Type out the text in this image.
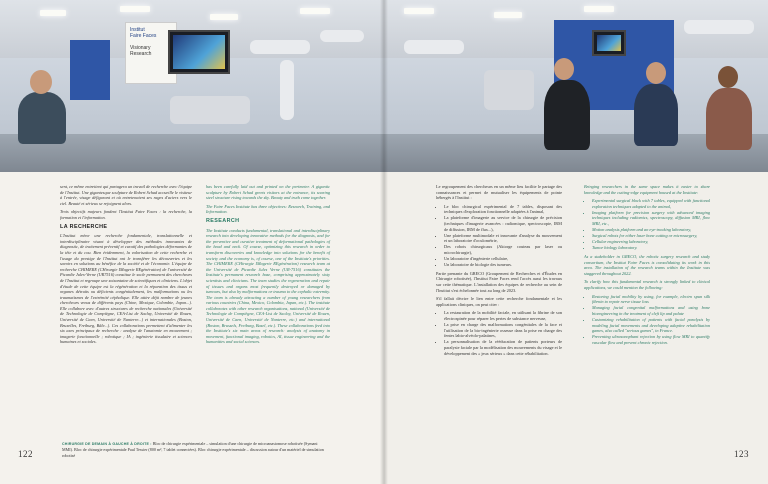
Institut
Faire Faces
Visionary
Research

sent, ce même entretient qui partagera un travail de recherche avec l'équipe de l'Institut. Une gigantesque sculpture de Robert Schad accueille le visiteur à l'entrée, visage défigurant et où entretenaient ses rages d'aciers vers le ciel. Beauté et sérieux se rejoignent alors.

Trois objectifs majeurs fondent l'Institut Faire Faces : la recherche, la formation et l'information.

LA RECHERCHE

L'Institut mène une recherche fondamentale, translationnelle et interdisciplinaire visant à développer des méthodes innovantes de diagnostic, de traitement préventif et curatif des pathologies déformantes de la tête et du cou. Bien évidemment, la valorisation de cette recherche et l'usage du prestige de l'Institut ont le transférer les découvertes et les savoirs en solutions au bénéfice de la société et de l'économie. L'équipe de recherche CHIMERE (CHirurgie IMagerie REgénération) de l'université de Picardie Jules-Verne (UR7516) constitue le socle permanent des chercheurs de l'Institut et regroupe une soixantaine de scientifiques et cliniciens. L'objet d'étude de cette équipe est la régénération et la réparation des tissus et organes détruits ou déficients congénitalement, les malformations ou les traumatismes de l'extrémité céphalique. Elle attire déjà nombre de jeunes chercheurs venus de différents pays (Chine, Mexique, Colombie, Japon...). Elle collabore avec d'autres structures de recherche nationales (Université de Technologie de Compiègne, CEA-List de Saclay, Université de Rouen, Université de Caen, Université de Nanterre...) et internationales (Boston, Bruxelles, Freiburg, Bâle...). Ces collaborations permettent d'alimenter les six axes principaux de recherche : analyse de l'anatomie en mouvement ; imagerie fonctionnelle ; robotique ; IA ; ingénierie tissulaire et sciences humaines et sociales.

has been carefully laid out and printed on the perimeter. A gigantic sculpture by Robert Schad greets visitors at the entrance, its soaring steel structure rising towards the sky. Beauty and truth come together.

The Faire Faces Institute has three objectives: Research, Training, and Information.

RESEARCH

The Institute conducts fundamental, translational and interdisciplinary research into developing innovative methods for the diagnosis, and for the preventive and curative treatment of deformational pathologies of the head and neck. Of course, optimizing this research in order to transform discoveries and knowledge into solutions for the benefit of society and the economy is, of course, one of the Institute's priorities. The CHIMERE (CHirurgie IMagerie REgénération) research team at the Université de Picardie Jules Verne (UR-7516) constitutes the Institute's permanent research base, comprising approximately sixty scientists and clinicians. The team studies the regeneration and repair of tissues and organs most frequently destroyed or damaged by tumours, but also by malformations or trauma to the cephalic extremity. The team is already attracting a number of young researchers from various countries (China, Mexico, Colombia, Japan, etc.). The institute collaborates with other research organisations, national (Université de Technologie de Compiègne, CEA-List de Saclay, Université de Rouen, Université de Caen, Université de Nanterre, etc.) and international (Boston, Brussels, Freiburg, Basel, etc.). These collaborations feed into the Institute's six main areas of research: analysis of anatomy in movement, functional imaging, robotics, AI, tissue engineering and the humanities and social sciences.

CHIRURGIE DE DEMAIN À GAUCHE À DROITE : Bloc de chirurgie expérimentale – simulation d'une chirurgie de microanastomose robotisée (Symani MMI). Bloc de chirurgie expérimentale Paul Tessier (800 m², 7 tablet connectées). Bloc chirurgie expérimentale – discussion autour d'un matériel de simulation robotisé
122

Le regroupement des chercheurs en un même lieu facilite le partage des connaissances et permet de mutualiser les équipements de pointe hébergés à l'Institut :

• Le bloc chirurgical expérimental de 7 tables, disposant des techniques d'exploration fonctionnelle adaptées à l'animal,
• La plateforme d'imagerie au service de la chirurgie de précision (techniques d'imagerie avancées : radiomique, spectroscopie, IRM de diffusion, IRM de flux...),
• Une plateforme multimodale et innovante d'analyse du mouvement et un laboratoire d'oculométrie,
• Des robots chirurgicaux (Aktorge couteau par laser ou microchirurgie),
• Un laboratoire d'ingénierie cellulaire,
• Un laboratoire de biologie des tumeurs.

Partie prenante du GRECO (Groupement de Recherches et d'Études en Chirurgie robotisée), l'Institut Faire Faces rend l'accès aussi les travaux sur cette thématique. L'installation des équipes de recherche au sein de l'Institut s'est échelonnée tout au long de 2023.

S'il fallait décrire le lien entre cette recherche fondamentale et les applications cliniques, on peut citer :

• La restauration de la mobilité faciale, en utilisant la fibrine de son électrospinée pour réparer les pertes de substance nerveuse,
• La prise en charge des malformations congénitales de la face et l'utilisation de la bio-ingénierie osseuse dans la prise en charge des fentes labio-alvéolo-palatines,
• La personnalisation de la rééducation de patients porteurs de paralysie faciale par la modélisation des mouvements du visage et le développement des « jeux sérieux » dans cette réhabilitation.

Bringing researchers in the same space makes it easier to share knowledge and the cutting-edge equipment housed at the Institute:

• Experimental surgical block with 7 tables, equipped with functional exploration techniques adapted to the animal,
• Imaging platform for precision surgery with advanced imaging techniques including radiomics, spectroscopy, diffusion MRI, flow MRI, etc.,
• Motion analysis platform and an eye-tracking laboratory,
• Surgical robots for either laser bone cutting or microsurgery,
• Cellular engineering laboratory,
• Tumor biology laboratory.

As a stakeholder in GRECO, the robotic surgery research and study consortium, the Institut Faire Faces is consolidating its work in this area. The installation of the research teams within the Institute was staggered throughout 2022.

To clarify how this fundamental research is strongly linked to clinical applications, we could mention the following:

• Restoring facial mobility by using, for example, electro spun silk fibroin to repair nerve tissue loss
• Managing facial congenital malformations and using bone bioengineering in the treatment of cleft lip and palate
• Customizing rehabilitation of patients with facial paralysis by modeling facial movements and developing adaptive rehabilitation games, also called "serious games", in France.
• Preventing ultrasonophant rejection by using flow MRI to quantify vascular flow and prevent chronic rejection.
123
